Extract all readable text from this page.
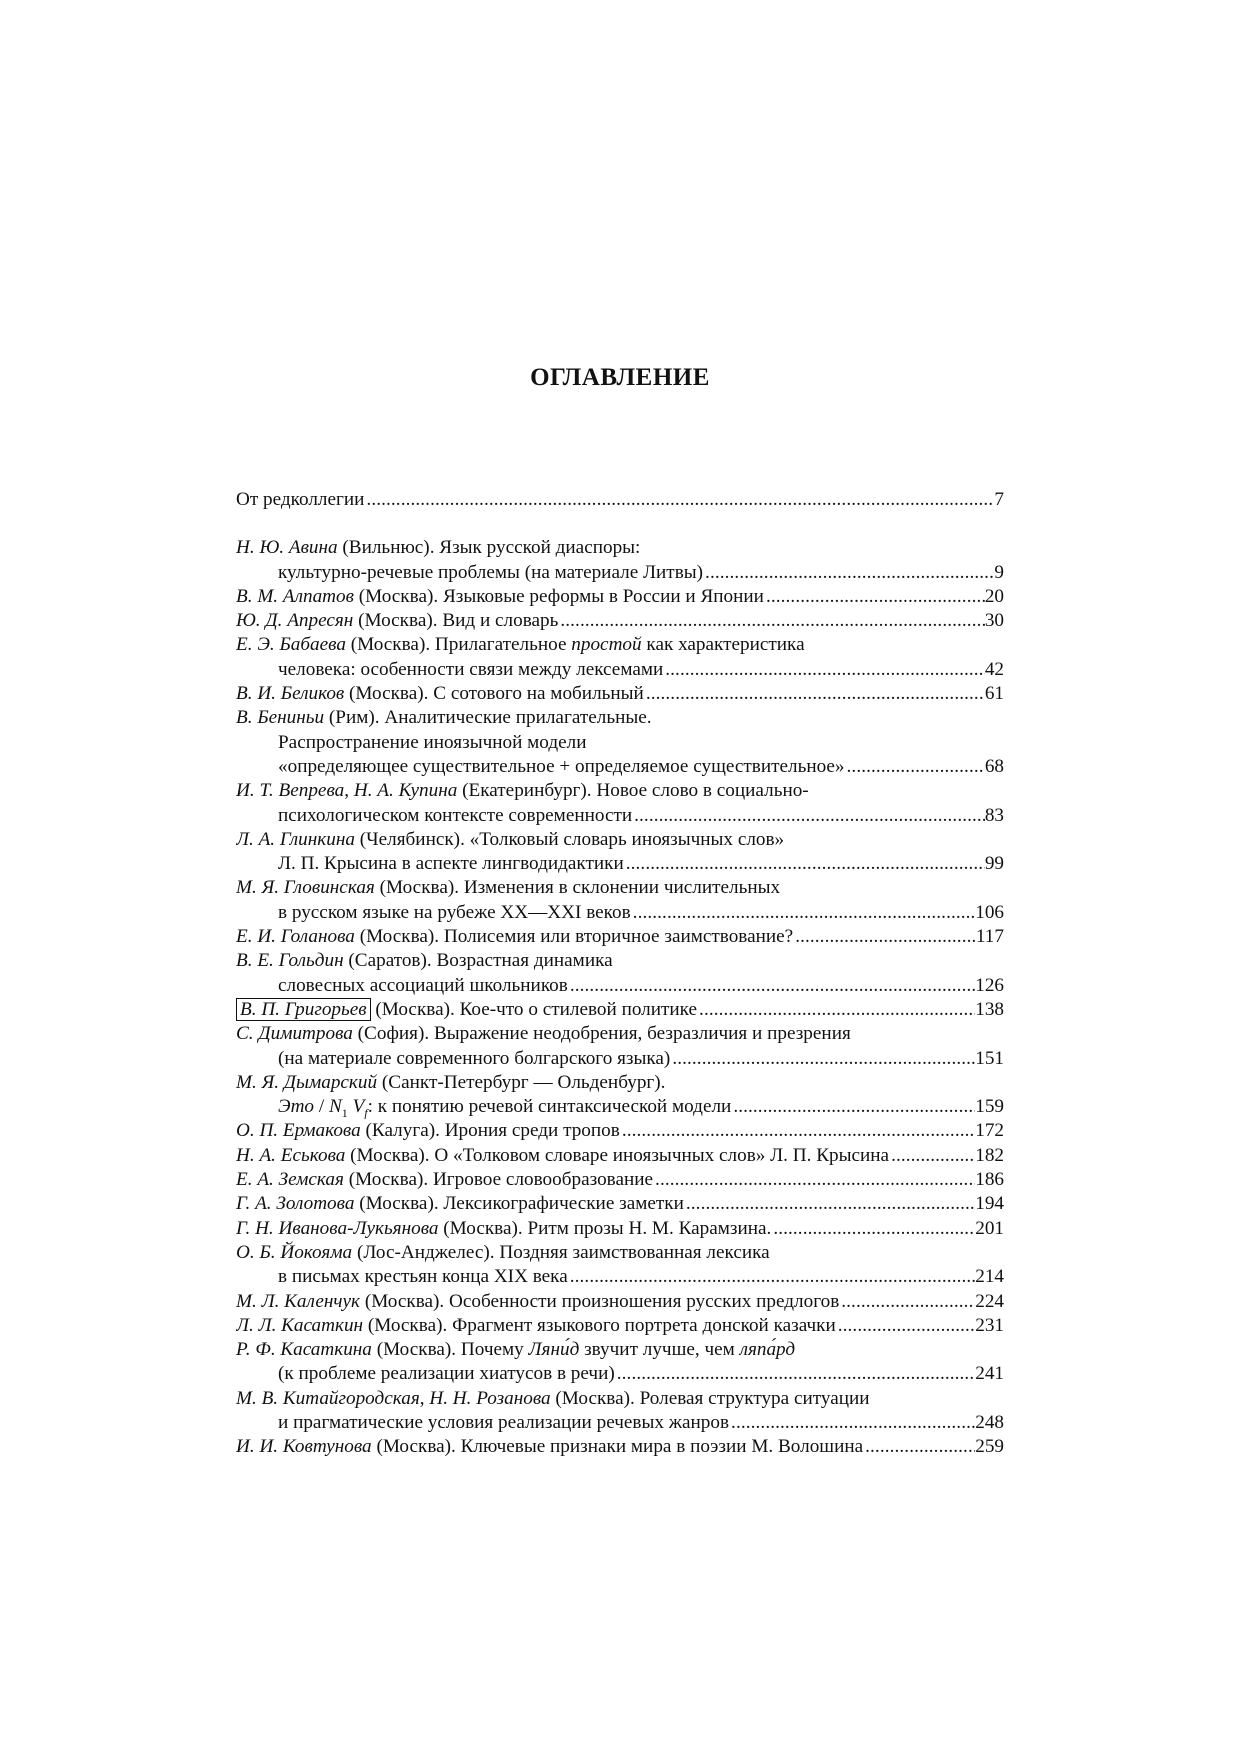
ОГЛАВЛЕНИЕ
От редколлегии .....	7
Н. Ю. Авина (Вильнюс). Язык русской диаспоры:
культурно-речевые проблемы (на материале Литвы) .....	9
В. М. Алпатов (Москва). Языковые реформы в России и Японии .....	20
Ю. Д. Апресян (Москва). Вид и словарь .....	30
Е. Э. Бабаева (Москва). Прилагательное простой как характеристика
человека: особенности связи между лексемами .....	42
В. И. Беликов (Москва). С сотового на мобильный .....	61
В. Бениньи (Рим). Аналитические прилагательные.
Распространение иноязычной модели
«определяющее существительное + определяемое существительное» .....	68
И. Т. Вепрева, Н. А. Купина (Екатеринбург). Новое слово в социально-
психологическом контексте современности .....	83
Л. А. Глинкина (Челябинск). «Толковый словарь иноязычных слов»
Л. П. Крысина в аспекте лингводидактики .....	99
М. Я. Гловинская (Москва). Изменения в склонении числительных
в русском языке на рубеже XX—XXI веков .....	106
Е. И. Голанова (Москва). Полисемия или вторичное заимствование? .....	117
В. Е. Гольдин (Саратов). Возрастная динамика
словесных ассоциаций школьников .....	126
В. П. Григорьев (Москва). Кое-что о стилевой политике .....	138
С. Димитрова (София). Выражение неодобрения, безразличия и презрения
(на материале современного болгарского языка) .....	151
М. Я. Дымарский (Санкт-Петербург — Ольденбург).
Это / $N_1$ $V_f$: к понятию речевой синтаксической модели .....	159
О. П. Ермакова (Калуга). Ирония среди тропов .....	172
Н. А. Еськова (Москва). О «Толковом словаре иноязычных слов» Л. П. Крысина .....	182
Е. А. Земская (Москва). Игровое словообразование .....	186
Г. А. Золотова (Москва). Лексикографические заметки .....	194
Г. Н. Иванова-Лукьянова (Москва). Ритм прозы Н. М. Карамзина. .....	201
О. Б. Йокояма (Лос-Анджелес). Поздняя заимствованная лексика
в письмах крестьян конца XIX века .....	214
М. Л. Каленчук (Москва). Особенности произношения русских предлогов .....	224
Л. Л. Касаткин (Москва). Фрагмент языкового портрета донской казачки .....	231
Р. Ф. Касаткина (Москва). Почему Ляни́д звучит лучше, чем ляпа́рд
(к проблеме реализации хиатусов в речи) .....	241
М. В. Китайгородская, Н. Н. Розанова (Москва). Ролевая структура ситуации
и прагматические условия реализации речевых жанров .....	248
И. И. Ковтунова (Москва). Ключевые признаки мира в поэзии М. Волошина .....	259
